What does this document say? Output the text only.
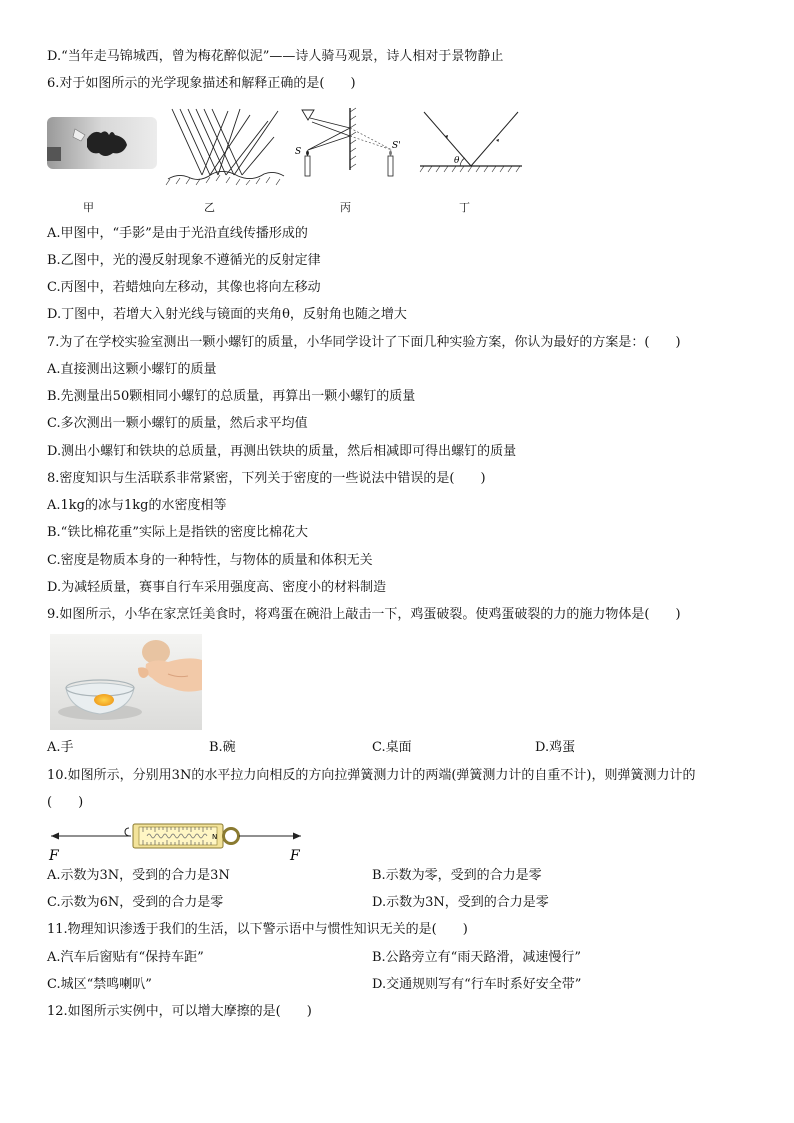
D.“当年走马锦城西，曾为梅花醉似泥”——诗人骑马观景，诗人相对于景物静止
6.对于如图所示的光学现象描述和解释正确的是(　　)
S
S'
θ
甲	乙	丙	丁
A.甲图中，“手影”是由于光沿直线传播形成的
B.乙图中，光的漫反射现象不遵循光的反射定律
C.丙图中，若蜡烛向左移动，其像也将向左移动
D.丁图中，若增大入射光线与镜面的夹角θ，反射角也随之增大
7.为了在学校实验室测出一颗小螺钉的质量，小华同学设计了下面几种实验方案，你认为最好的方案是：(　　)
A.直接测出这颗小螺钉的质量
B.先测量出50颗相同小螺钉的总质量，再算出一颗小螺钉的质量
C.多次测出一颗小螺钉的质量，然后求平均值
D.测出小螺钉和铁块的总质量，再测出铁块的质量，然后相减即可得出螺钉的质量
8.密度知识与生活联系非常紧密，下列关于密度的一些说法中错误的是(　　)
A.1kg的冰与1kg的水密度相等
B.“铁比棉花重”实际上是指铁的密度比棉花大
C.密度是物质本身的一种特性，与物体的质量和体积无关
D.为减轻质量，赛事自行车采用强度高、密度小的材料制造
9.如图所示，小华在家烹饪美食时，将鸡蛋在碗沿上敲击一下，鸡蛋破裂。使鸡蛋破裂的力的施力物体是(　　)
A.手	B.碗	C.桌面	D.鸡蛋
10.如图所示，分别用3N的水平拉力向相反的方向拉弹簧测力计的两端(弹簧测力计的自重不计)，则弹簧测力计的
(　　)
N
F	F
A.示数为3N，受到的合力是3N	B.示数为零，受到的合力是零
C.示数为6N，受到的合力是零	D.示数为3N，受到的合力是零
11.物理知识渗透于我们的生活，以下警示语中与惯性知识无关的是(　　)
A.汽车后窗贴有“保持车距”	B.公路旁立有“雨天路滑，减速慢行”
C.城区“禁鸣喇叭”	D.交通规则写有“行车时系好安全带”
12.如图所示实例中，可以增大摩擦的是(　　)
